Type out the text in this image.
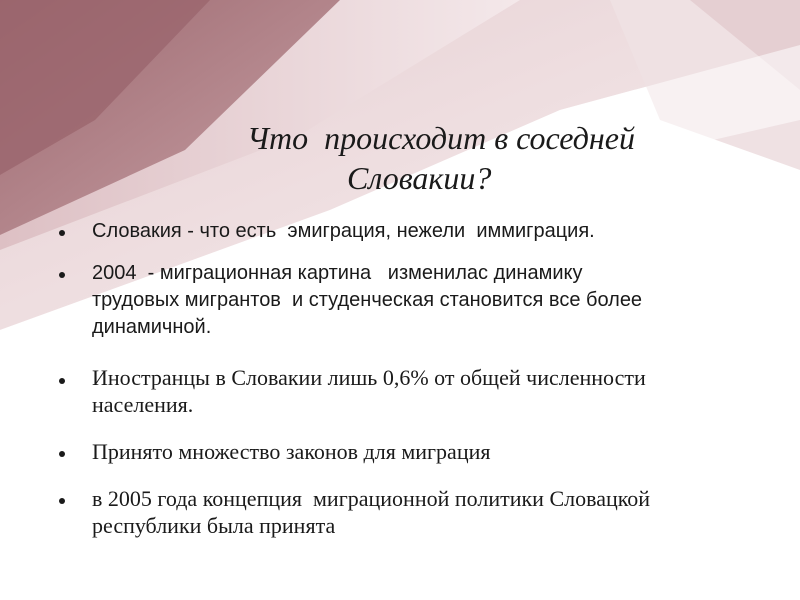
Что  происходит в соседней
Словакии?
Словакия - что есть  эмиграция, нежели  иммиграция.
2004  - миграционная картина   изменилас динамику
трудовых мигрантов  и студенческая становится все более
динамичной.
Иностранцы в Словакии лишь 0,6% от общей численности
населения.
Принято множество законов для миграция
в 2005 года концепция  миграционной политики Словацкой
республики была принята
